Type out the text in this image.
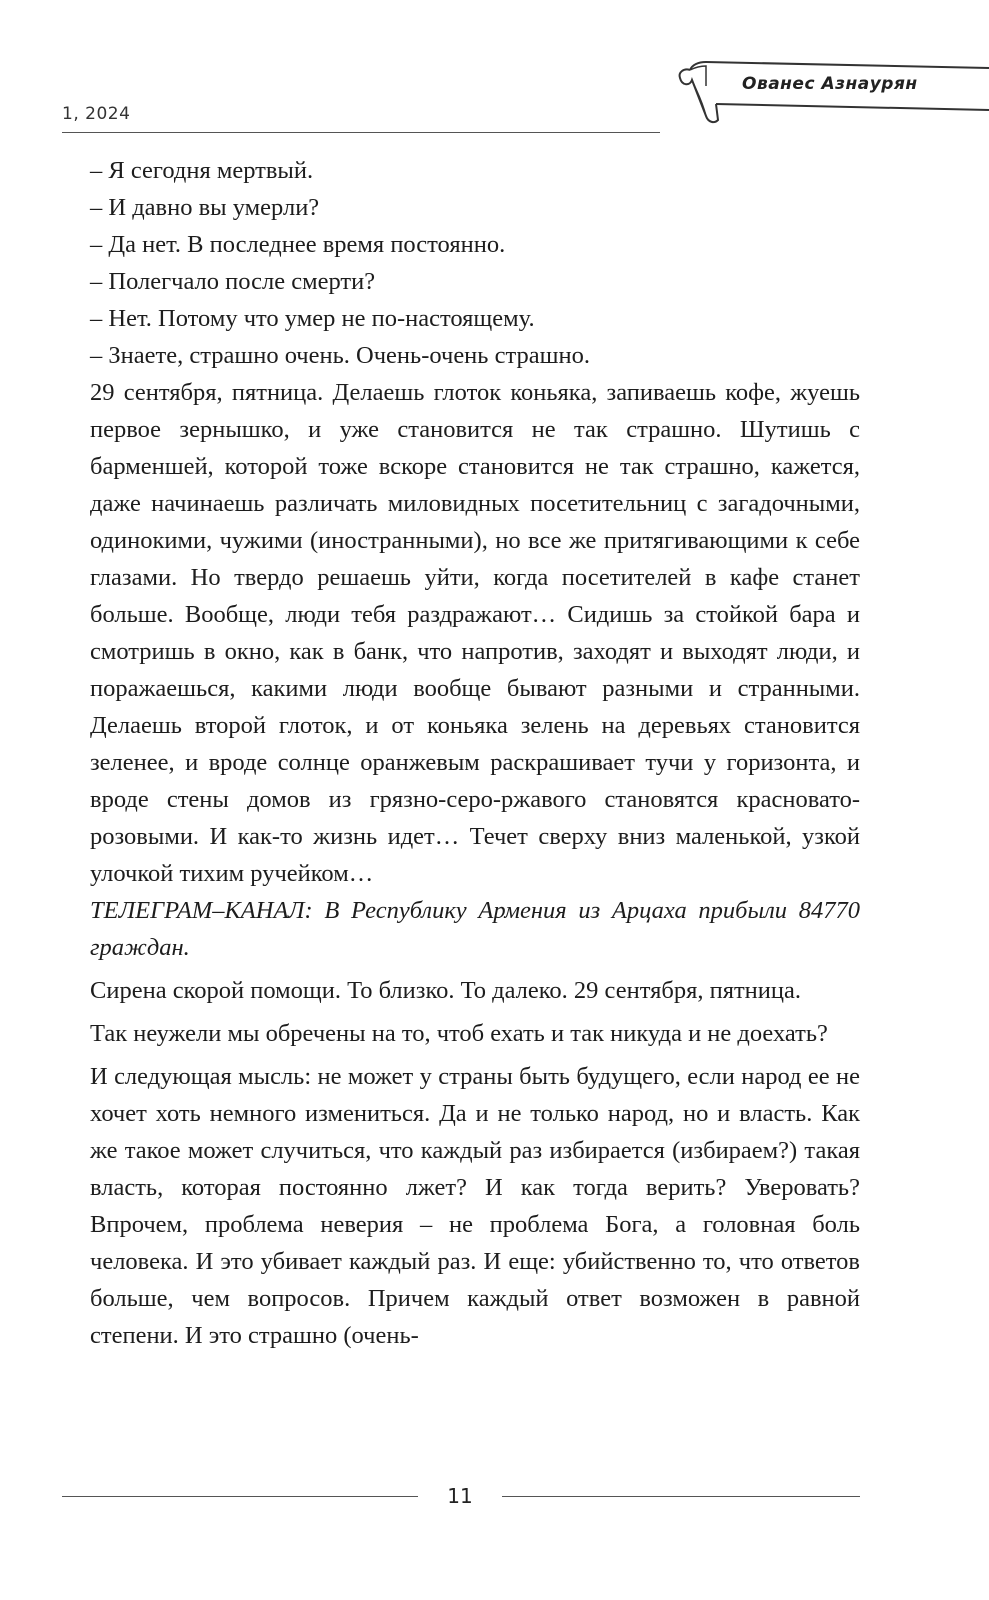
1, 2024
Ованес Азнаурян

– Я сегодня мертвый.

– И давно вы умерли?

– Да нет. В последнее время постоянно.

– Полегчало после смерти?

– Нет. Потому что умер не по-настоящему.

– Знаете, страшно очень. Очень-очень страшно.

29 сентября, пятница. Делаешь глоток коньяка, запиваешь кофе, жуешь первое зернышко, и уже становится не так страшно. Шутишь с барменшей, которой тоже вскоре становится не так страшно, кажется, даже начинаешь различать миловидных посетительниц с загадочными, одинокими, чужими (иностранными), но все же притягивающими к себе глазами. Но твердо решаешь уйти, когда посетителей в кафе станет больше. Вообще, люди тебя раздражают… Сидишь за стойкой бара и смотришь в окно, как в банк, что напротив, заходят и выходят люди, и поражаешься, какими люди вообще бывают разными и странными. Делаешь второй глоток, и от коньяка зелень на деревьях становится зеленее, и вроде солнце оранжевым раскрашивает тучи у горизонта, и вроде стены домов из грязно-серо-ржавого становятся красновато-розовыми. И как-то жизнь идет… Течет сверху вниз маленькой, узкой улочкой тихим ручейком…

ТЕЛЕГРАМ–КАНАЛ: В Республику Армения из Арцаха прибыли 84770 граждан.

Сирена скорой помощи. То близко. То далеко. 29 сентября, пятница.

Так неужели мы обречены на то, чтоб ехать и так никуда и не доехать?

И следующая мысль: не может у страны быть будущего, если народ ее не хочет хоть немного измениться. Да и не только народ, но и власть. Как же такое может случиться, что каждый раз избирается (избираем?) такая власть, которая постоянно лжет? И как тогда верить? Уверовать? Впрочем, проблема неверия – не проблема Бога, а головная боль человека. И это убивает каждый раз. И еще: убийственно то, что ответов больше, чем вопросов. Причем каждый ответ возможен в равной степени. И это страшно (очень-

11
